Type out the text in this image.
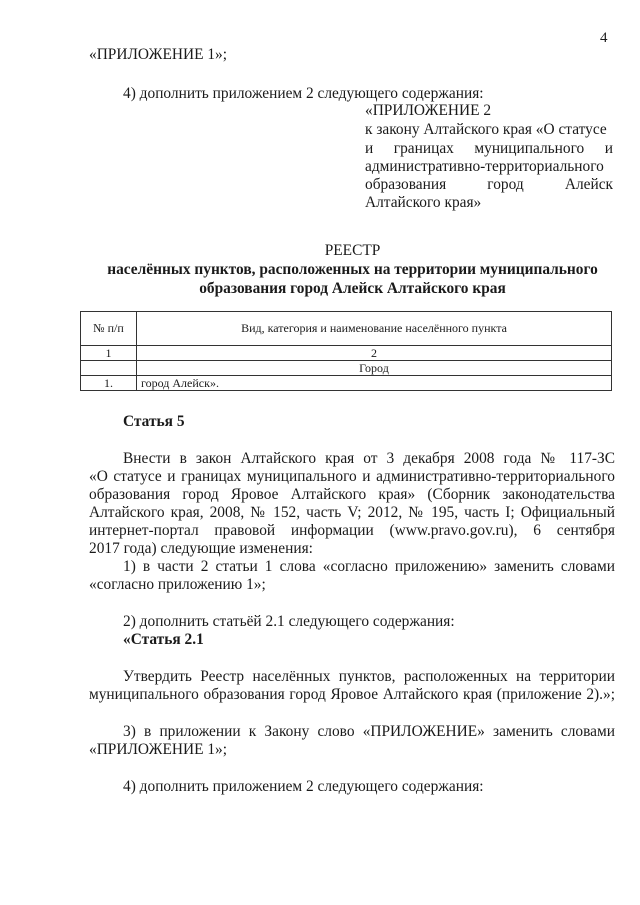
4
«ПРИЛОЖЕНИЕ 1»;
4) дополнить приложением 2 следующего содержания:
«ПРИЛОЖЕНИЕ 2
к закону Алтайского края «О статусе
и границах муниципального и
административно-территориального
образования город Алейск
Алтайского края»
РЕЕСТР
населённых пунктов, расположенных на территории муниципального
образования город Алейск Алтайского края
№ п/п	Вид, категория и наименование населённого пункта
1	2
	Город
1.	город Алейск».
Статья 5
Внести в закон Алтайского края от 3 декабря 2008 года № 117-ЗС
«О статусе и границах муниципального и административно-территориального
образования город Яровое Алтайского края» (Сборник законодательства
Алтайского края, 2008, № 152, часть V; 2012, № 195, часть I; Официальный
интернет-портал правовой информации (www.pravo.gov.ru), 6 сентября
2017 года) следующие изменения:
1) в части 2 статьи 1 слова «согласно приложению» заменить словами
«согласно приложению 1»;
2) дополнить статьёй 2.1 следующего содержания:
«Статья 2.1
Утвердить Реестр населённых пунктов, расположенных на территории
муниципального образования город Яровое Алтайского края (приложение 2).»;
3) в приложении к Закону слово «ПРИЛОЖЕНИЕ» заменить словами
«ПРИЛОЖЕНИЕ 1»;
4) дополнить приложением 2 следующего содержания:
